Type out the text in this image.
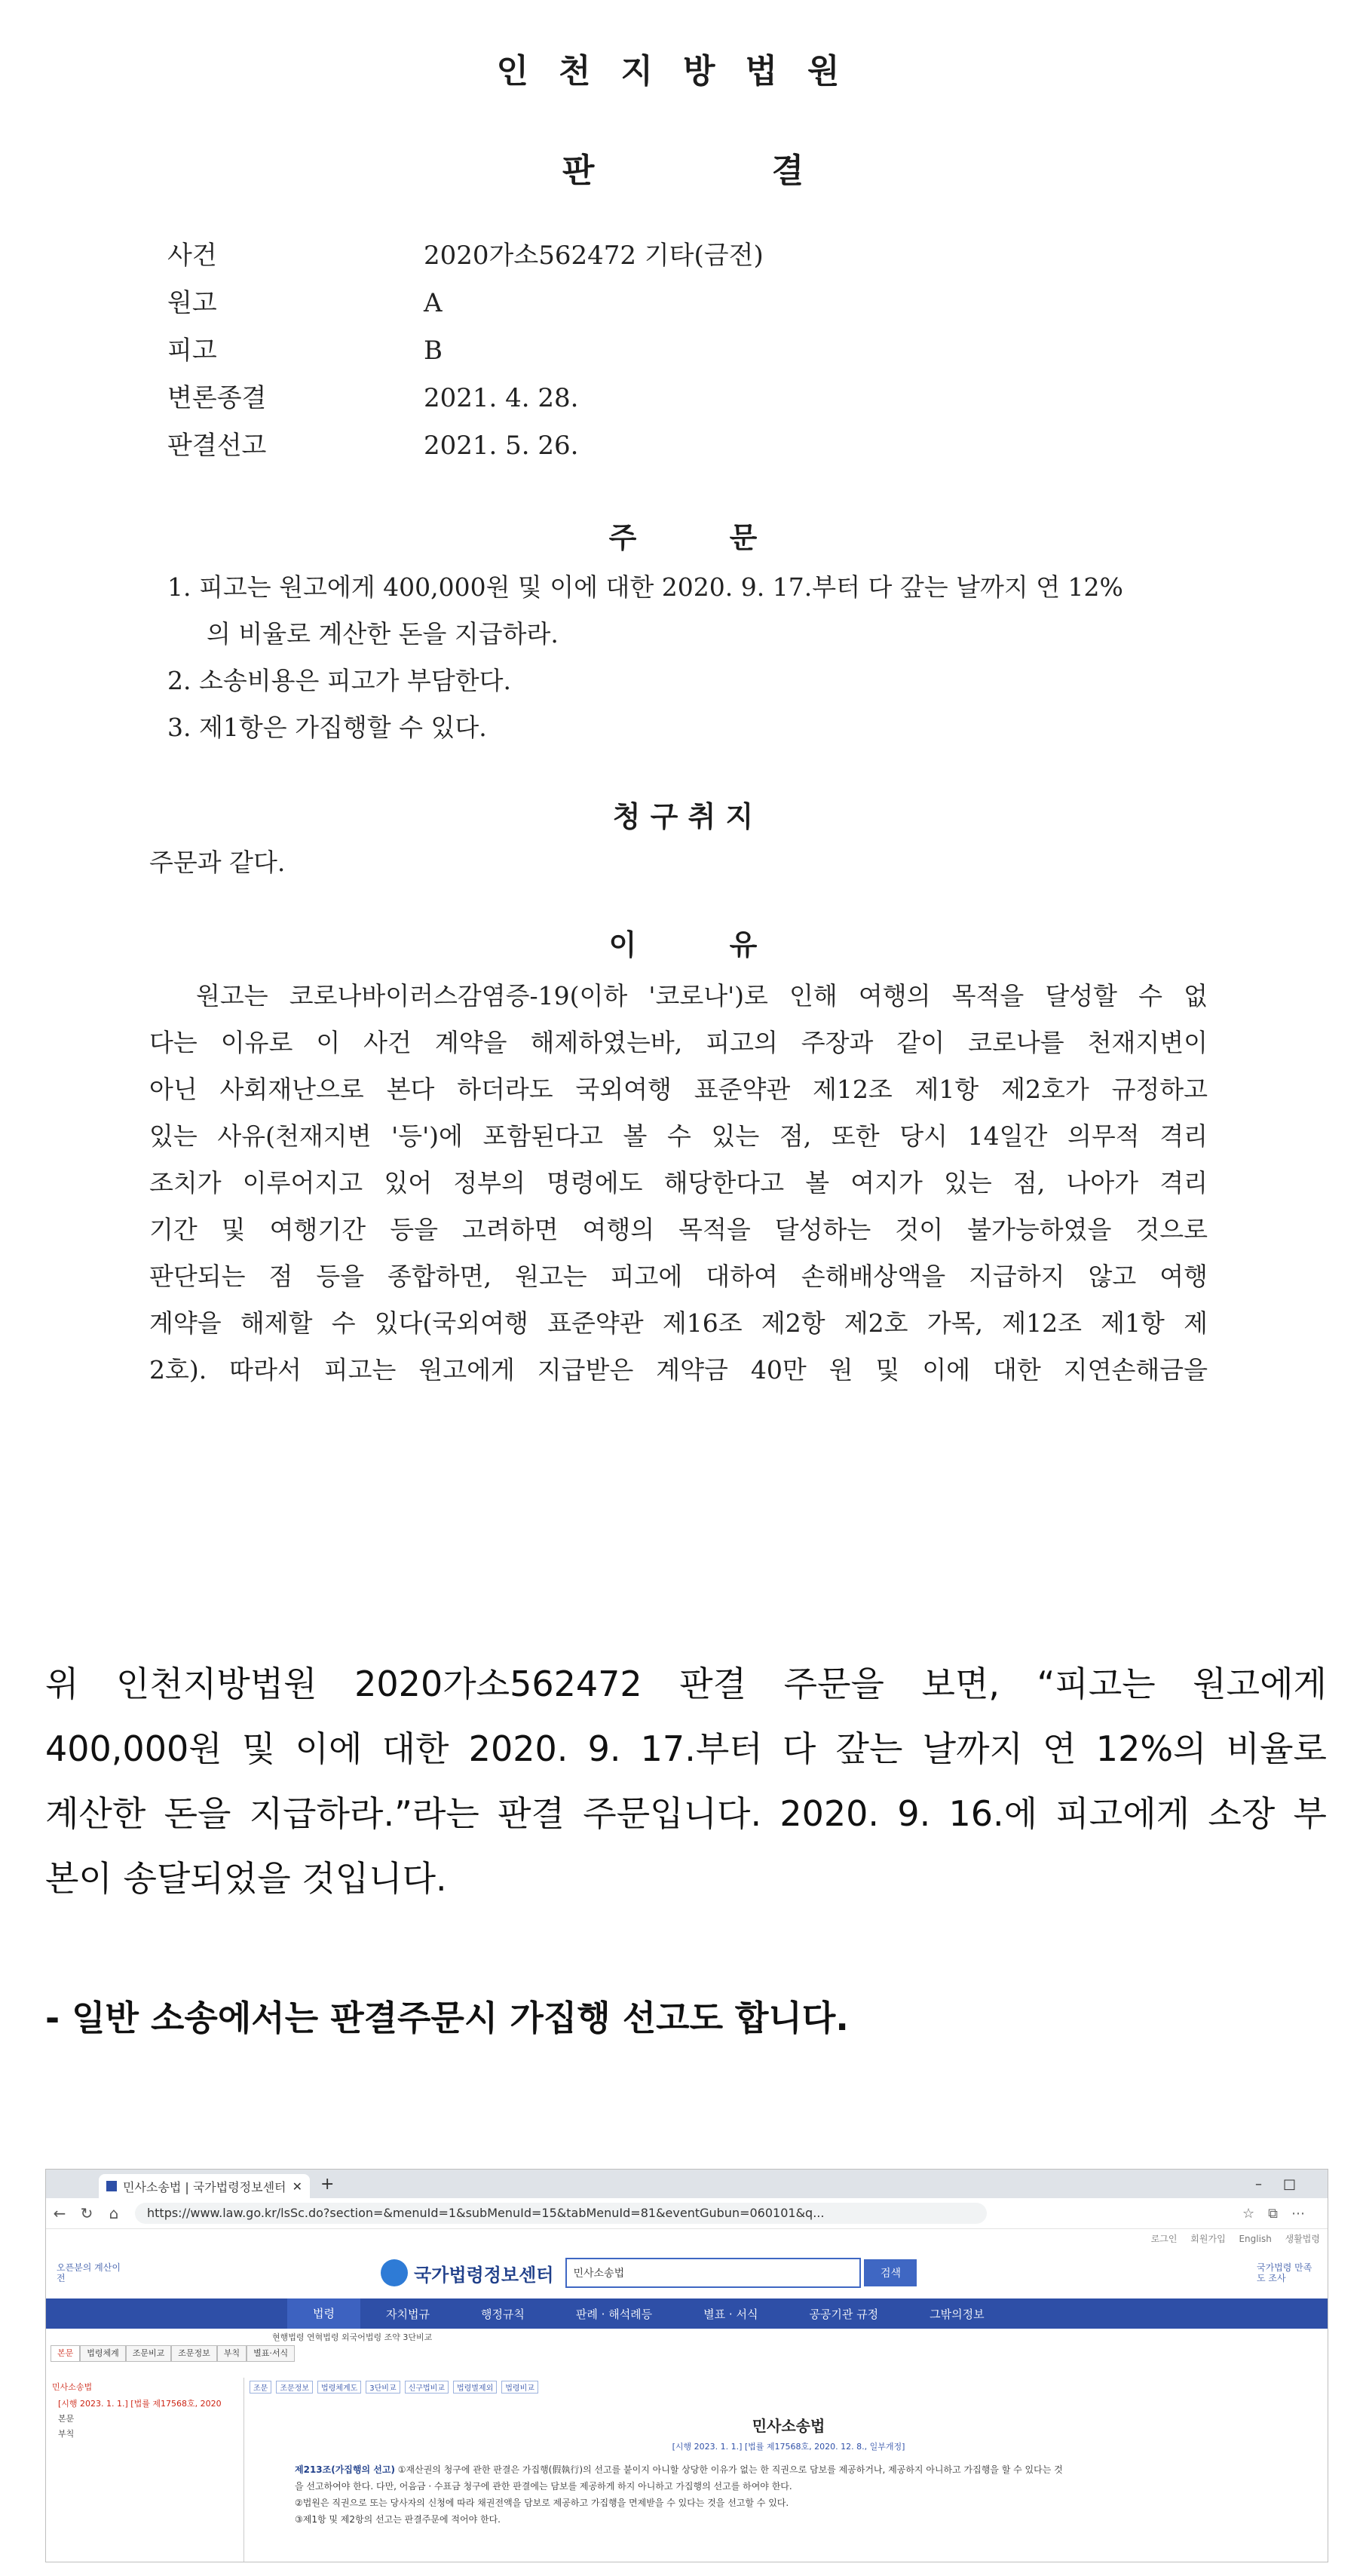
인천지방법원
판 결
사건	2020가소562472 기타(금전)
원고	A
피고	B
변론종결	2021. 4. 28.
판결선고	2021. 5. 26.
주 문
1. 피고는 원고에게 400,000원 및 이에 대한 2020. 9. 17.부터 다 갚는 날까지 연 12%
의 비율로 계산한 돈을 지급하라.
2. 소송비용은 피고가 부담한다.
3. 제1항은 가집행할 수 있다.
청 구 취 지
주문과 같다.
이 유
원고는 코로나바이러스감염증-19(이하 '코로나')로 인해 여행의 목적을 달성할 수 없
다는 이유로 이 사건 계약을 해제하였는바, 피고의 주장과 같이 코로나를 천재지변이
아닌 사회재난으로 본다 하더라도 국외여행 표준약관 제12조 제1항 제2호가 규정하고
있는 사유(천재지변 '등')에 포함된다고 볼 수 있는 점, 또한 당시 14일간 의무적 격리
조치가 이루어지고 있어 정부의 명령에도 해당한다고 볼 여지가 있는 점, 나아가 격리
기간 및 여행기간 등을 고려하면 여행의 목적을 달성하는 것이 불가능하였을 것으로
판단되는 점 등을 종합하면, 원고는 피고에 대하여 손해배상액을 지급하지 않고 여행
계약을 해제할 수 있다(국외여행 표준약관 제16조 제2항 제2호 가목, 제12조 제1항 제
2호). 따라서 피고는 원고에게 지급받은 계약금 40만 원 및 이에 대한 지연손해금을
위 인천지방법원 2020가소562472 판결 주문을 보면, “피고는 원고에게
400,000원 및 이에 대한 2020. 9. 17.부터 다 갚는 날까지 연 12%의 비율로
계산한 돈을 지급하라.”라는 판결 주문입니다. 2020. 9. 16.에 피고에게 소장 부
본이 송달되었을 것입니다.
- 일반 소송에서는 판결주문시 가집행 선고도 합니다.
민사소송법 | 국가법령정보센터 ✕ +	–□
← ↻	⌂	https://www.law.go.kr/lsSc.do?section=&menuId=1&subMenuId=15&tabMenuId=81&eventGubun=060101&q...	☆⧉⋯
로그인 회원가입 English 생활법령
오픈분의 계산이전	국가법령정보센터	민사소송법	검색	국가법령 만족도 조사
법령	자치법규	행정규칙	판례 · 해석례등	별표 · 서식	공공기관 규정	그밖의정보
현행법령 연혁법령 외국어법령 조약 3단비교
본문	법령체계	조문비교	조문정보	부칙	별표·서식
민사소송법
[시행 2023. 1. 1.] [법률 제17568호, 2020
본문
부칙
조문	조문정보	법령체계도	3단비교	신구법비교	법령별제외	법령비교
민사소송법
[시행 2023. 1. 1.] [법률 제17568호, 2020. 12. 8., 일부개정]
제213조(가집행의 선고) ①재산권의 청구에 관한 판결은 가집행(假執行)의 선고를 붙이지 아니할 상당한 이유가 없는 한 직권으로 담보를 제공하거나, 제공하지 아니하고 가집행을 할 수 있다는 것
을 선고하여야 한다. 다만, 어음금 · 수표금 청구에 관한 판결에는 담보를 제공하게 하지 아니하고 가집행의 선고를 하여야 한다.
②법원은 직권으로 또는 당사자의 신청에 따라 채권전액을 담보로 제공하고 가집행을 면제받을 수 있다는 것을 선고할 수 있다.
③제1항 및 제2항의 선고는 판결주문에 적어야 한다.
